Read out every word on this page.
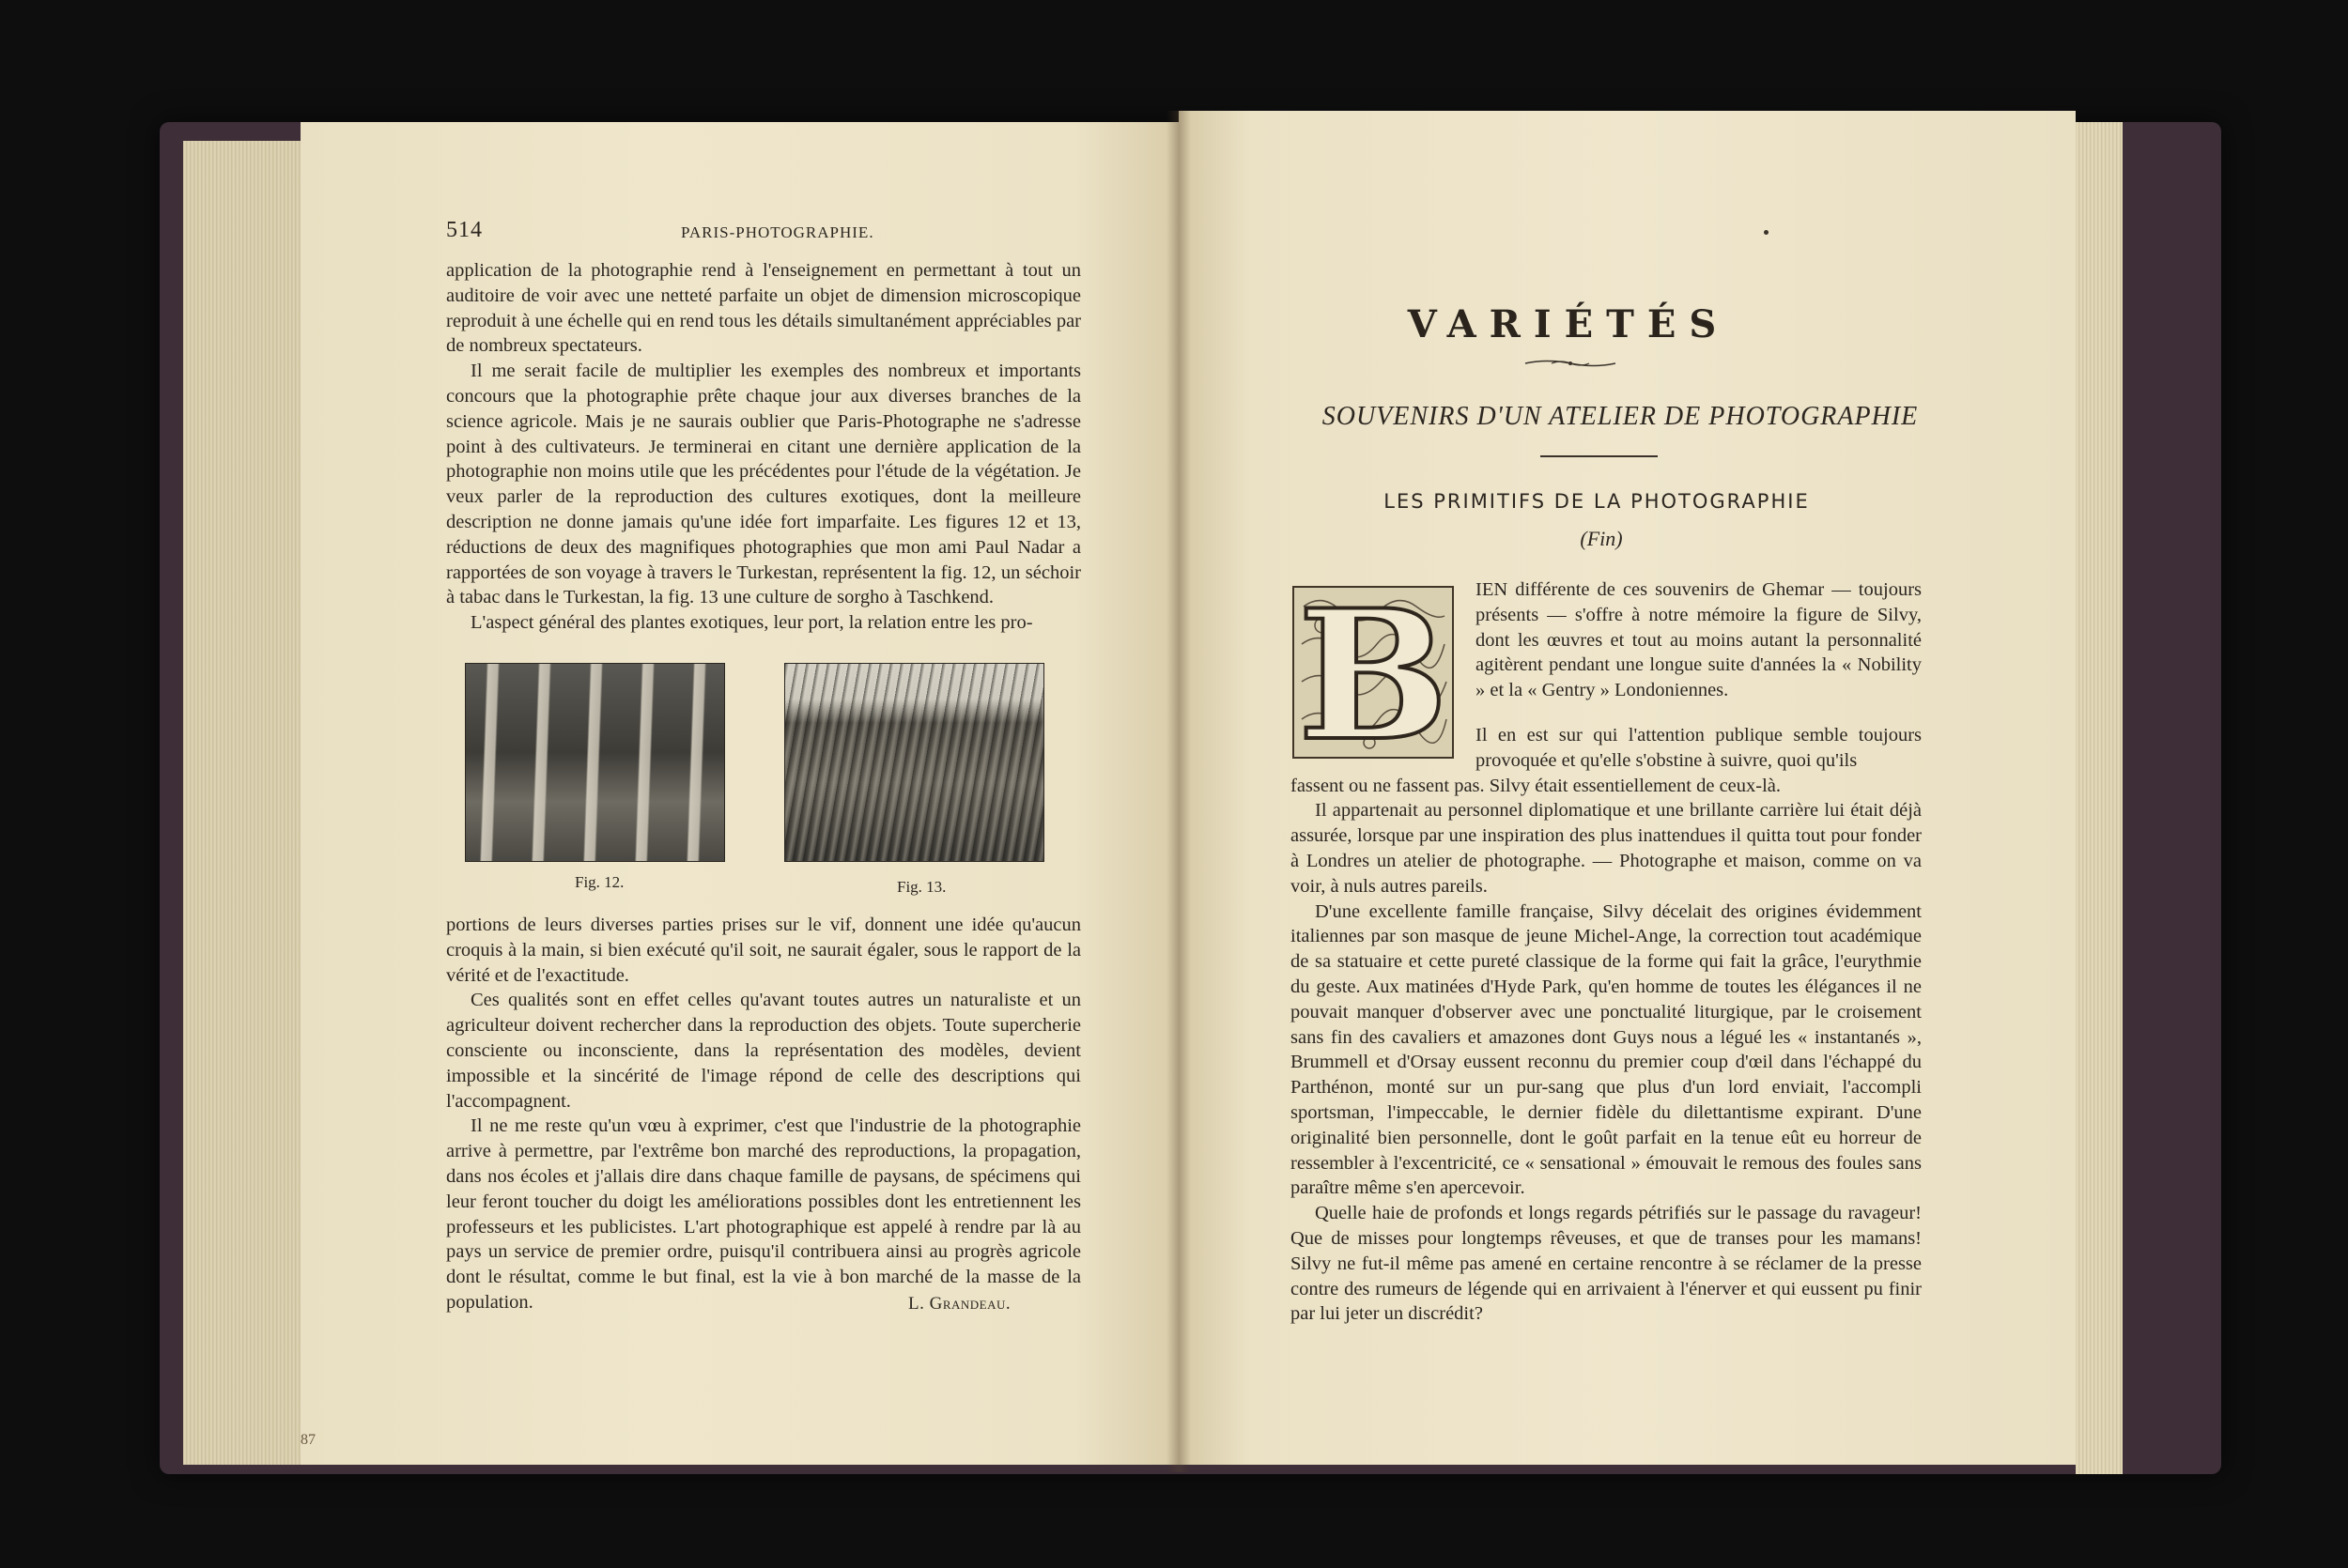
514	PARIS-PHOTOGRAPHIE.

application de la photographie rend à l'enseignement en permettant à tout un auditoire de voir avec une netteté parfaite un objet de dimension microscopique reproduit à une échelle qui en rend tous les détails simultanément appréciables par de nombreux spectateurs.

Il me serait facile de multiplier les exemples des nombreux et importants concours que la photographie prête chaque jour aux diverses branches de la science agricole. Mais je ne saurais oublier que Paris-Photographe ne s'adresse point à des cultivateurs. Je terminerai en citant une dernière application de la photographie non moins utile que les précédentes pour l'étude de la végétation. Je veux parler de la reproduction des cultures exotiques, dont la meilleure description ne donne jamais qu'une idée fort imparfaite. Les figures 12 et 13, réductions de deux des magnifiques photographies que mon ami Paul Nadar a rapportées de son voyage à travers le Turkestan, représentent la fig. 12, un séchoir à tabac dans le Turkestan, la fig. 13 une culture de sorgho à Taschkend.

L'aspect général des plantes exotiques, leur port, la relation entre les pro-

Fig. 12.	Fig. 13.

portions de leurs diverses parties prises sur le vif, donnent une idée qu'aucun croquis à la main, si bien exécuté qu'il soit, ne saurait égaler, sous le rapport de la vérité et de l'exactitude.

Ces qualités sont en effet celles qu'avant toutes autres un naturaliste et un agriculteur doivent rechercher dans la reproduction des objets. Toute supercherie consciente ou inconsciente, dans la représentation des modèles, devient impossible et la sincérité de l'image répond de celle des descriptions qui l'accompagnent.

Il ne me reste qu'un vœu à exprimer, c'est que l'industrie de la photographie arrive à permettre, par l'extrême bon marché des reproductions, la propagation, dans nos écoles et j'allais dire dans chaque famille de paysans, de spécimens qui leur feront toucher du doigt les améliorations possibles dont les entretiennent les professeurs et les publicistes. L'art photographique est appelé à rendre par là au pays un service de premier ordre, puisqu'il contribuera ainsi au progrès agricole dont le résultat, comme le but final, est la vie à bon marché de la masse de la population.	L. Grandeau.
87
VARIÉTÉS
SOUVENIRS D'UN ATELIER DE PHOTOGRAPHIE
LES PRIMITIFS DE LA PHOTOGRAPHIE
(Fin)
B IEN différente de ces souvenirs de Ghemar — toujours présents — s'offre à notre mémoire la figure de Silvy, dont les œuvres et tout au moins autant la personnalité agitèrent pendant une longue suite d'années la « Nobility » et la « Gentry » Londoniennes.

Il en est sur qui l'attention publique semble toujours provoquée et qu'elle s'obstine à suivre, quoi qu'ils

fassent ou ne fassent pas. Silvy était essentiellement de ceux-là.

Il appartenait au personnel diplomatique et une brillante carrière lui était déjà assurée, lorsque par une inspiration des plus inattendues il quitta tout pour fonder à Londres un atelier de photographe. — Photographe et maison, comme on va voir, à nuls autres pareils.

D'une excellente famille française, Silvy décelait des origines évidemment italiennes par son masque de jeune Michel-Ange, la correction tout académique de sa statuaire et cette pureté classique de la forme qui fait la grâce, l'eurythmie du geste. Aux matinées d'Hyde Park, qu'en homme de toutes les élégances il ne pouvait manquer d'observer avec une ponctualité liturgique, par le croisement sans fin des cavaliers et amazones dont Guys nous a légué les « instantanés », Brummell et d'Orsay eussent reconnu du premier coup d'œil dans l'échappé du Parthénon, monté sur un pur-sang que plus d'un lord enviait, l'accompli sportsman, l'impeccable, le dernier fidèle du dilettantisme expirant. D'une originalité bien personnelle, dont le goût parfait en la tenue eût eu horreur de ressembler à l'excentricité, ce « sensational » émouvait le remous des foules sans paraître même s'en apercevoir.

Quelle haie de profonds et longs regards pétrifiés sur le passage du ravageur! Que de misses pour longtemps rêveuses, et que de transes pour les mamans! Silvy ne fut-il même pas amené en certaine rencontre à se réclamer de la presse contre des rumeurs de légende qui en arrivaient à l'énerver et qui eussent pu finir par lui jeter un discrédit?
